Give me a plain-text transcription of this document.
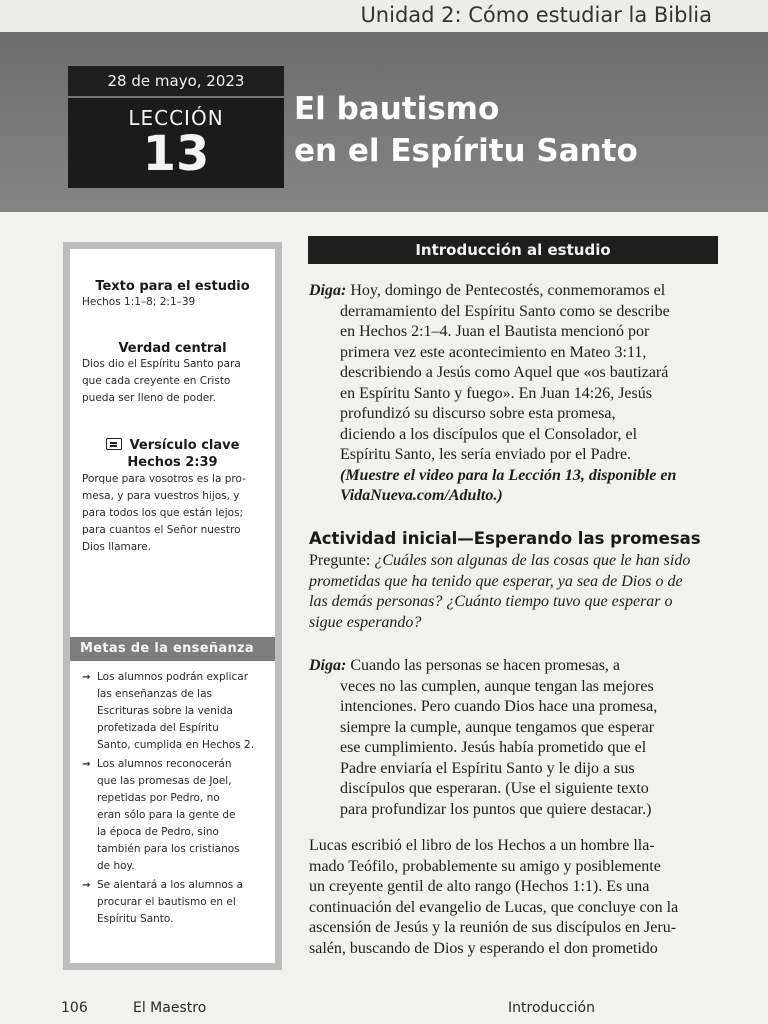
Unidad 2: Cómo estudiar la Biblia
28 de mayo, 2023
LECCIÓN
13
El bautismo
en el Espíritu Santo
Texto para el estudio
Hechos 1:1–8; 2:1–39
Verdad central
Dios dio el Espíritu Santo para
que cada creyente en Cristo
pueda ser lleno de poder.
Versículo clave
Hechos 2:39
Porque para vosotros es la pro-
mesa, y para vuestros hijos, y
para todos los que están lejos;
para cuantos el Señor nuestro
Dios llamare.
Metas de la enseñanza
→ Los alumnos podrán explicar
las enseñanzas de las
Escrituras sobre la venida
profetizada del Espíritu
Santo, cumplida en Hechos 2.
→ Los alumnos reconocerán
que las promesas de Joel,
repetidas por Pedro, no
eran sólo para la gente de
la época de Pedro, sino
también para los cristianos
de hoy.
→ Se alentará a los alumnos a
procurar el bautismo en el
Espíritu Santo.
Introducción al estudio
Diga: Hoy, domingo de Pentecostés, conmemoramos el
derramamiento del Espíritu Santo como se describe
en Hechos 2:1–4. Juan el Bautista mencionó por
primera vez este acontecimiento en Mateo 3:11,
describiendo a Jesús como Aquel que «os bautizará
en Espíritu Santo y fuego». En Juan 14:26, Jesús
profundizó su discurso sobre esta promesa,
diciendo a los discípulos que el Consolador, el
Espíritu Santo, les sería enviado por el Padre.
(Muestre el video para la Lección 13, disponible en
VidaNueva.com/Adulto.)
Actividad inicial—Esperando las promesas
Pregunte: ¿Cuáles son algunas de las cosas que le han sido
prometidas que ha tenido que esperar, ya sea de Dios o de
las demás personas? ¿Cuánto tiempo tuvo que esperar o
sigue esperando?
Diga: Cuando las personas se hacen promesas, a
veces no las cumplen, aunque tengan las mejores
intenciones. Pero cuando Dios hace una promesa,
siempre la cumple, aunque tengamos que esperar
ese cumplimiento. Jesús había prometido que el
Padre enviaría el Espíritu Santo y le dijo a sus
discípulos que esperaran. (Use el siguiente texto
para profundizar los puntos que quiere destacar.)
Lucas escribió el libro de los Hechos a un hombre lla-
mado Teófilo, probablemente su amigo y posiblemente
un creyente gentil de alto rango (Hechos 1:1). Es una
continuación del evangelio de Lucas, que concluye con la
ascensión de Jesús y la reunión de sus discípulos en Jeru-
salén, buscando de Dios y esperando el don prometido
106	El Maestro	Introducción
